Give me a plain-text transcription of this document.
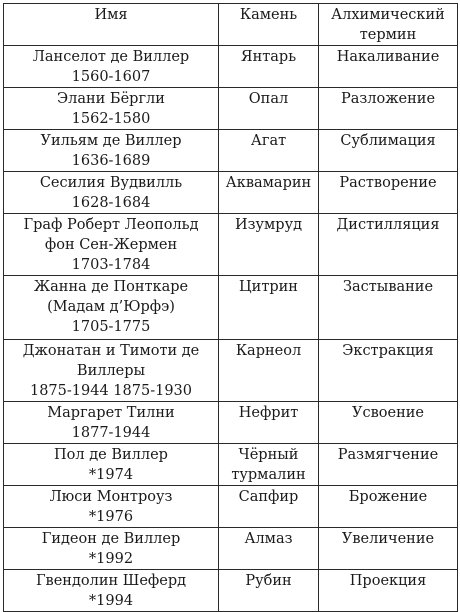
Имя	Камень	Алхимический термин

Ланселот де Виллер
1560-1607	Янтарь	Накаливание

Элани Бёргли
1562-1580	Опал	Разложение

Уильям де Виллер
1636-1689	Агат	Сублимация

Сесилия Вудвилль
1628-1684	Аквамарин	Растворение

Граф Роберт Леопольд фон Сен-Жермен
1703-1784	Изумруд	Дистилляция

Жанна де Понткаре (Мадам д’Юрфэ)
1705-1775	Цитрин	Застывание

Джонатан и Тимоти де Виллеры
1875-1944 1875-1930	Карнеол	Экстракция

Маргарет Тилни
1877-1944	Нефрит	Усвоение

Пол де Виллер
*1974	Чёрный турмалин	Размягчение

Люси Монтроуз
*1976	Сапфир	Брожение

Гидеон де Виллер
*1992	Алмаз	Увеличение

Гвендолин Шеферд
*1994	Рубин	Проекция
